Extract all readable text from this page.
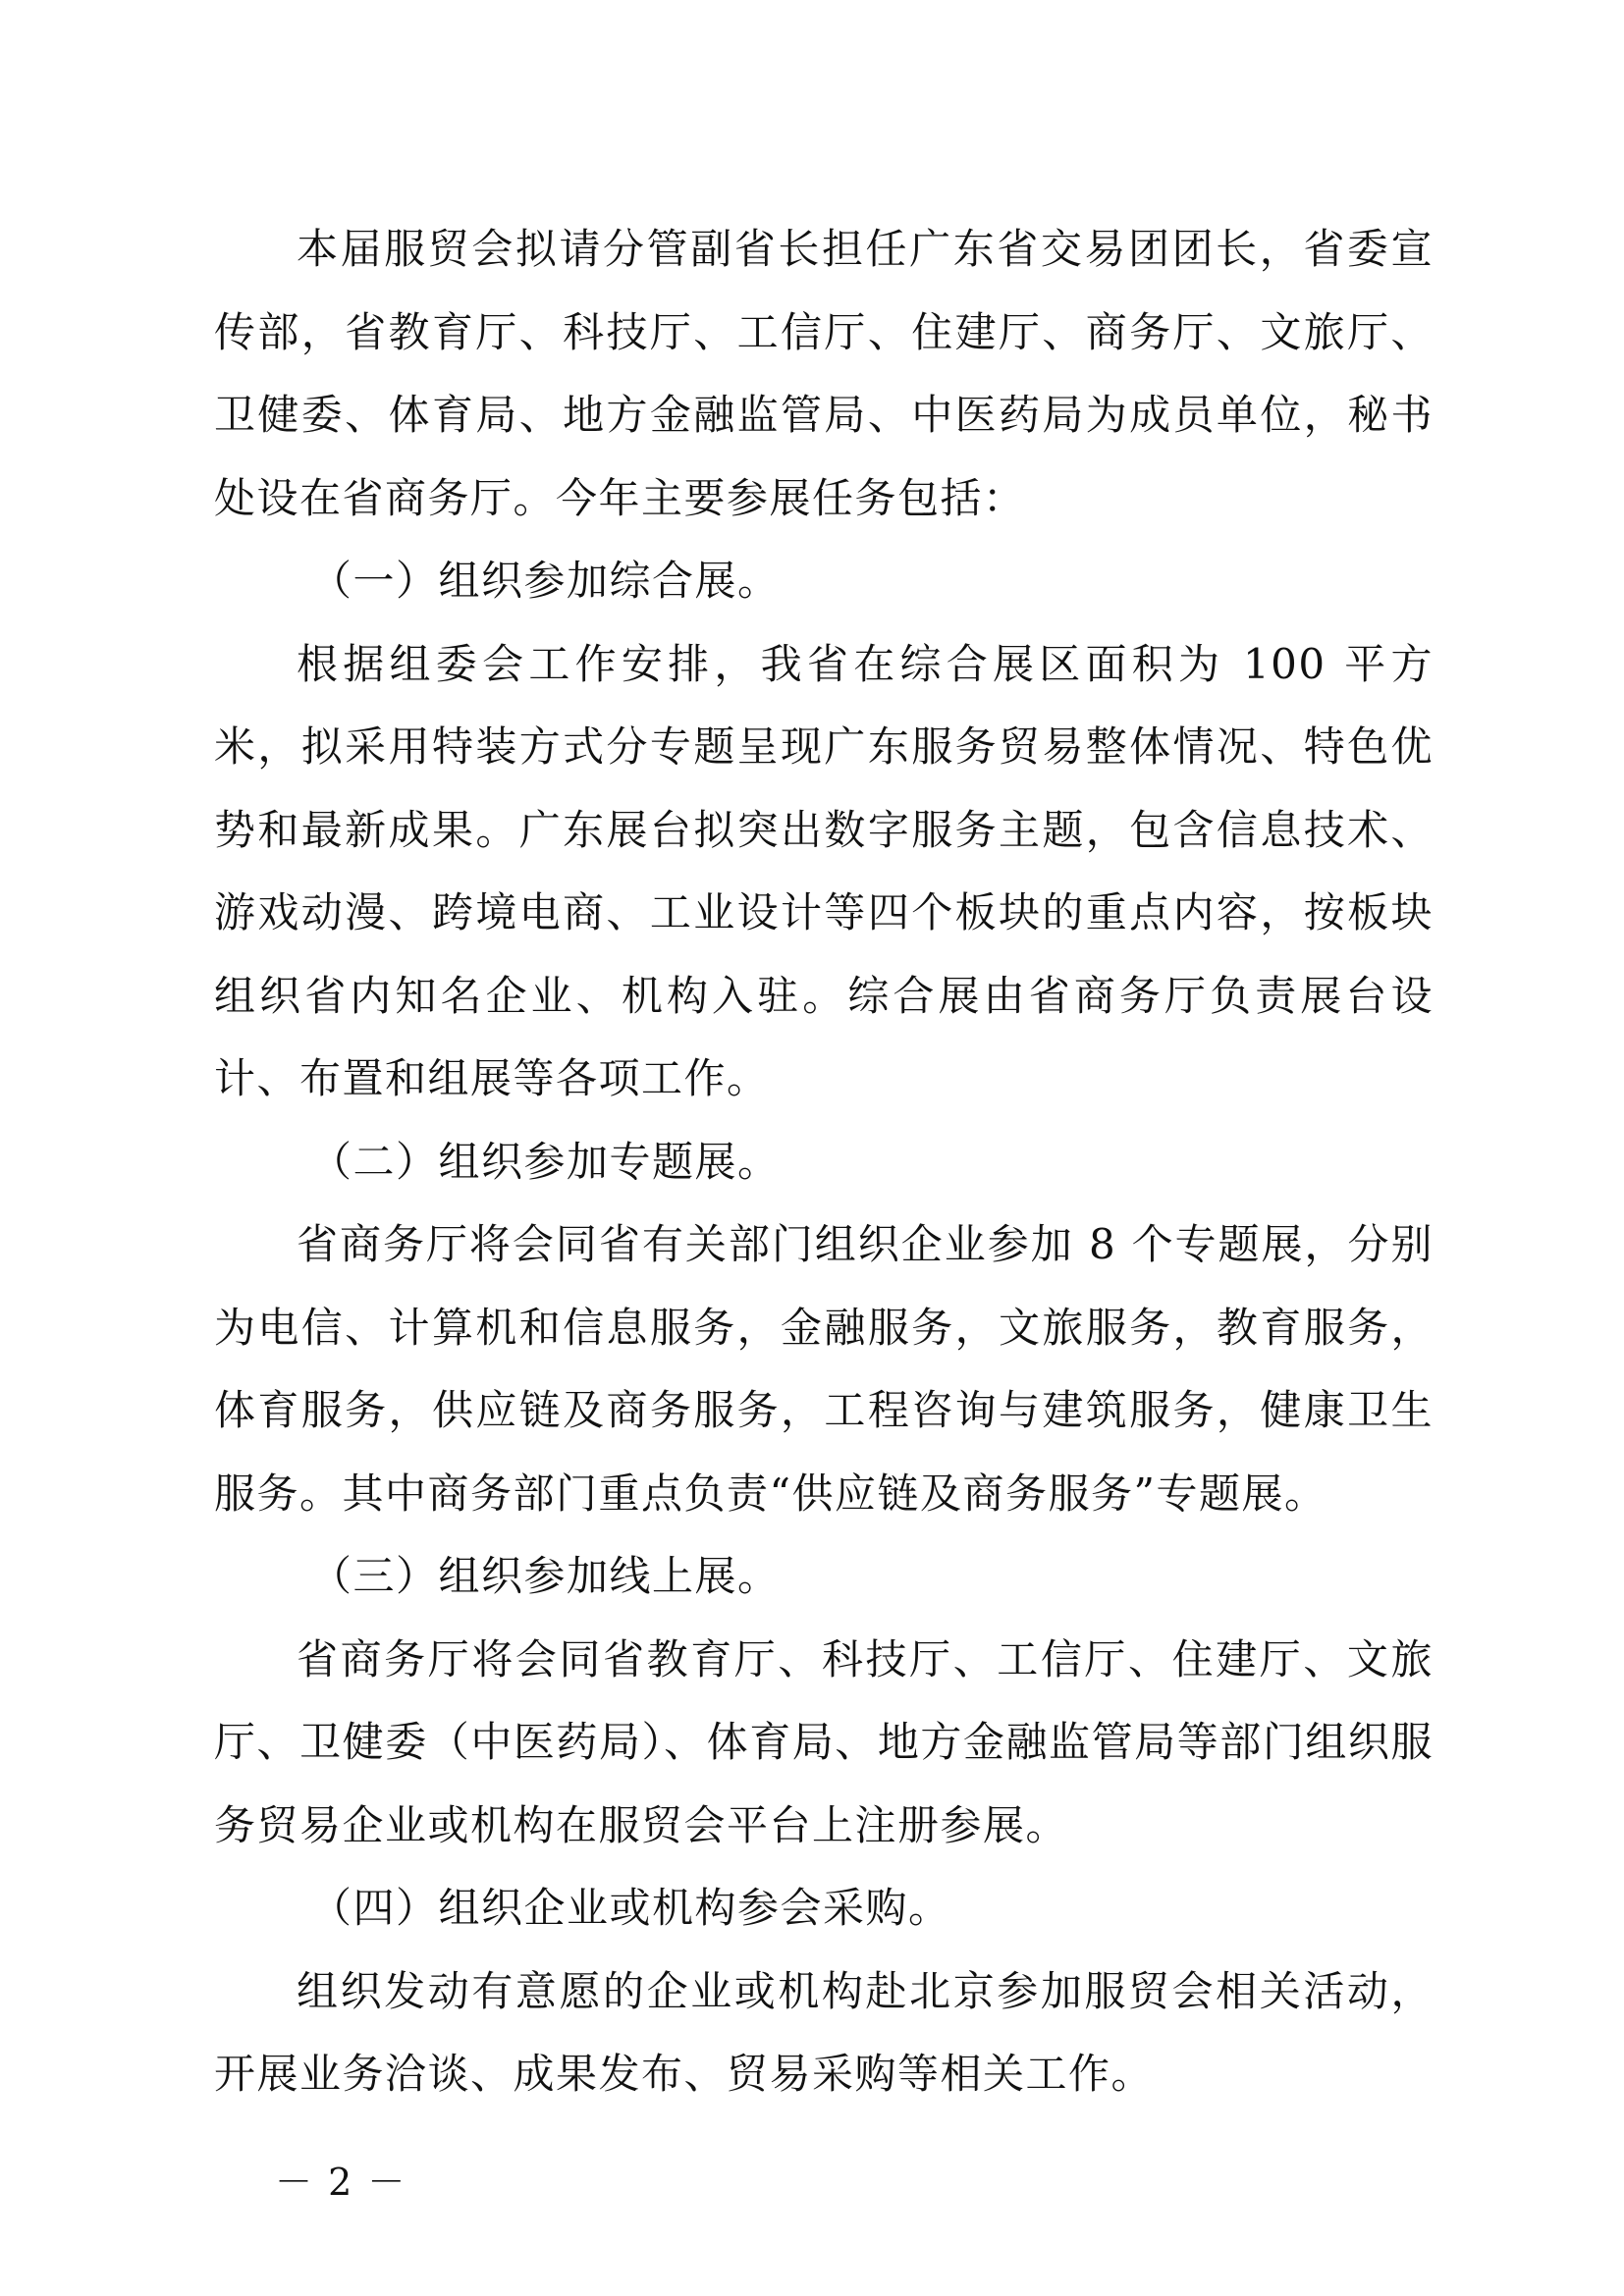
本届服贸会拟请分管副省长担任广东省交易团团长，省委宣传部，省教育厅、科技厅、工信厅、住建厅、商务厅、文旅厅、卫健委、体育局、地方金融监管局、中医药局为成员单位，秘书处设在省商务厅。今年主要参展任务包括：

（一）组织参加综合展。

根据组委会工作安排，我省在综合展区面积为 100 平方米，拟采用特装方式分专题呈现广东服务贸易整体情况、特色优势和最新成果。广东展台拟突出数字服务主题，包含信息技术、游戏动漫、跨境电商、工业设计等四个板块的重点内容，按板块组织省内知名企业、机构入驻。综合展由省商务厅负责展台设计、布置和组展等各项工作。

（二）组织参加专题展。

省商务厅将会同省有关部门组织企业参加 8 个专题展，分别为电信、计算机和信息服务，金融服务，文旅服务，教育服务，体育服务，供应链及商务服务，工程咨询与建筑服务，健康卫生服务。其中商务部门重点负责“供应链及商务服务”专题展。

（三）组织参加线上展。

省商务厅将会同省教育厅、科技厅、工信厅、住建厅、文旅厅、卫健委（中医药局）、体育局、地方金融监管局等部门组织服务贸易企业或机构在服贸会平台上注册参展。

（四）组织企业或机构参会采购。

组织发动有意愿的企业或机构赴北京参加服贸会相关活动，开展业务洽谈、成果发布、贸易采购等相关工作。

－ 2 －
